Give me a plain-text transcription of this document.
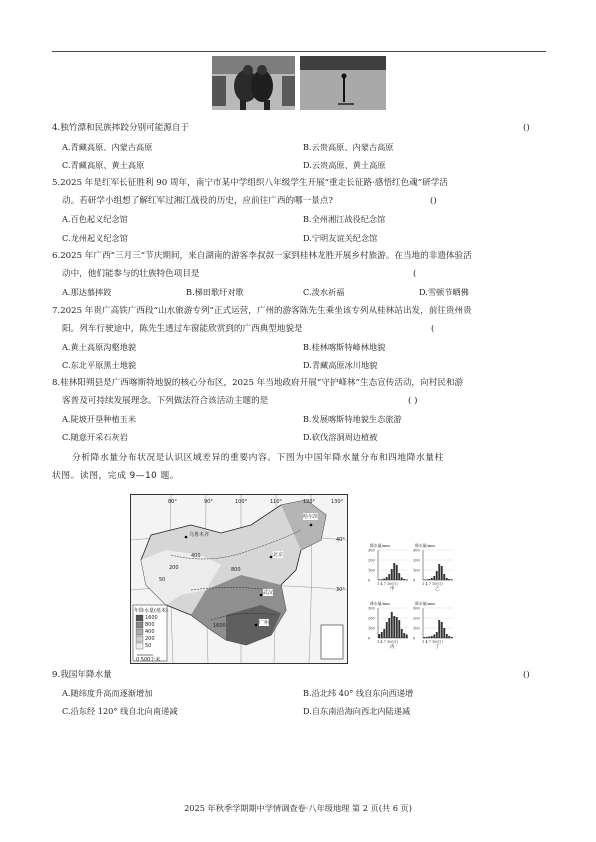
4.独竹漂和民族摔跤分别可能源自于	()
A.青藏高原、内蒙古高原	B.云贵高原、内蒙古高原
C.青藏高原、黄土高原	D.云贵高原、黄土高原
5.2025 年是红军长征胜利 90 周年，南宁市某中学组织八年级学生开展“重走长征路·感悟红色魂”研学活
动。若研学小组想了解红军过湘江战役的历史，应前往广西的哪一景点?	()
A.百色起义纪念馆	B.全州湘江战役纪念馆
C.龙州起义纪念馆	D.宁明友谊关纪念馆
6.2025 年广西“三月三”节庆期间，来自湖南的游客李叔叔一家到桂林龙胜开展乡村旅游。在当地的非遗体验活
动中，他们能参与的壮族特色项目是	(
A.那达慕摔跤	B.梯田歌圩对歌	C.泼水祈福	D.雪顿节晒佛
7.2025 年贵广高铁广西段“山水旅游专列”正式运营，广州的游客陈先生乘坐该专列从桂林站出发，前往贵州贵
阳。列车行驶途中，陈先生透过车窗能欣赏到的广西典型地貌是	(
A.黄土高原沟壑地貌	B.桂林喀斯特峰林地貌
C.东北平原黑土地貌	D.青藏高原冰川地貌
8.桂林阳朔县是广西喀斯特地貌的核心分布区，2025 年当地政府开展“守护峰林”生态宣传活动，向村民和游
客普及可持续发展理念。下列做法符合该活动主题的是	( )
A.陡坡开垦种植玉米	B.发展喀斯特地貌生态旅游
C.随意开采石灰岩	D.砍伐溶洞周边植被
分析降水量分布状况是认识区域差异的重要内容。下图为中国年降水量分布和四地降水量柱
状图。读图，完成 9—10 题。
80°	90°	100°	110°	120°	130°
40°
30°
乌鲁木齐
哈尔滨
北京
武汉
广州
年降水量(毫米)
1600
800
400
200
50
0 500千米
1600
800
400
200
50
降水量/mm
300
200
100
0
1 4 7 10(月)
甲
降水量/mm
300
200
100
0
1 4 7 10(月)
乙
降水量/mm
300
200
100
0
1 4 7 10(月)
丙
降水量/mm
300
200
100
0
1 4 7 10(月)
丁
9.我国年降水量	()
A.随纬度升高而逐渐增加	B.沿北纬 40° 线自东向西递增
C.沿东经 120° 线自北向南递减	D.自东南沿海向西北内陆递减
2025 年秋季学期期中学情调查卷·八年级地理 第 2 页(共 6 页)
